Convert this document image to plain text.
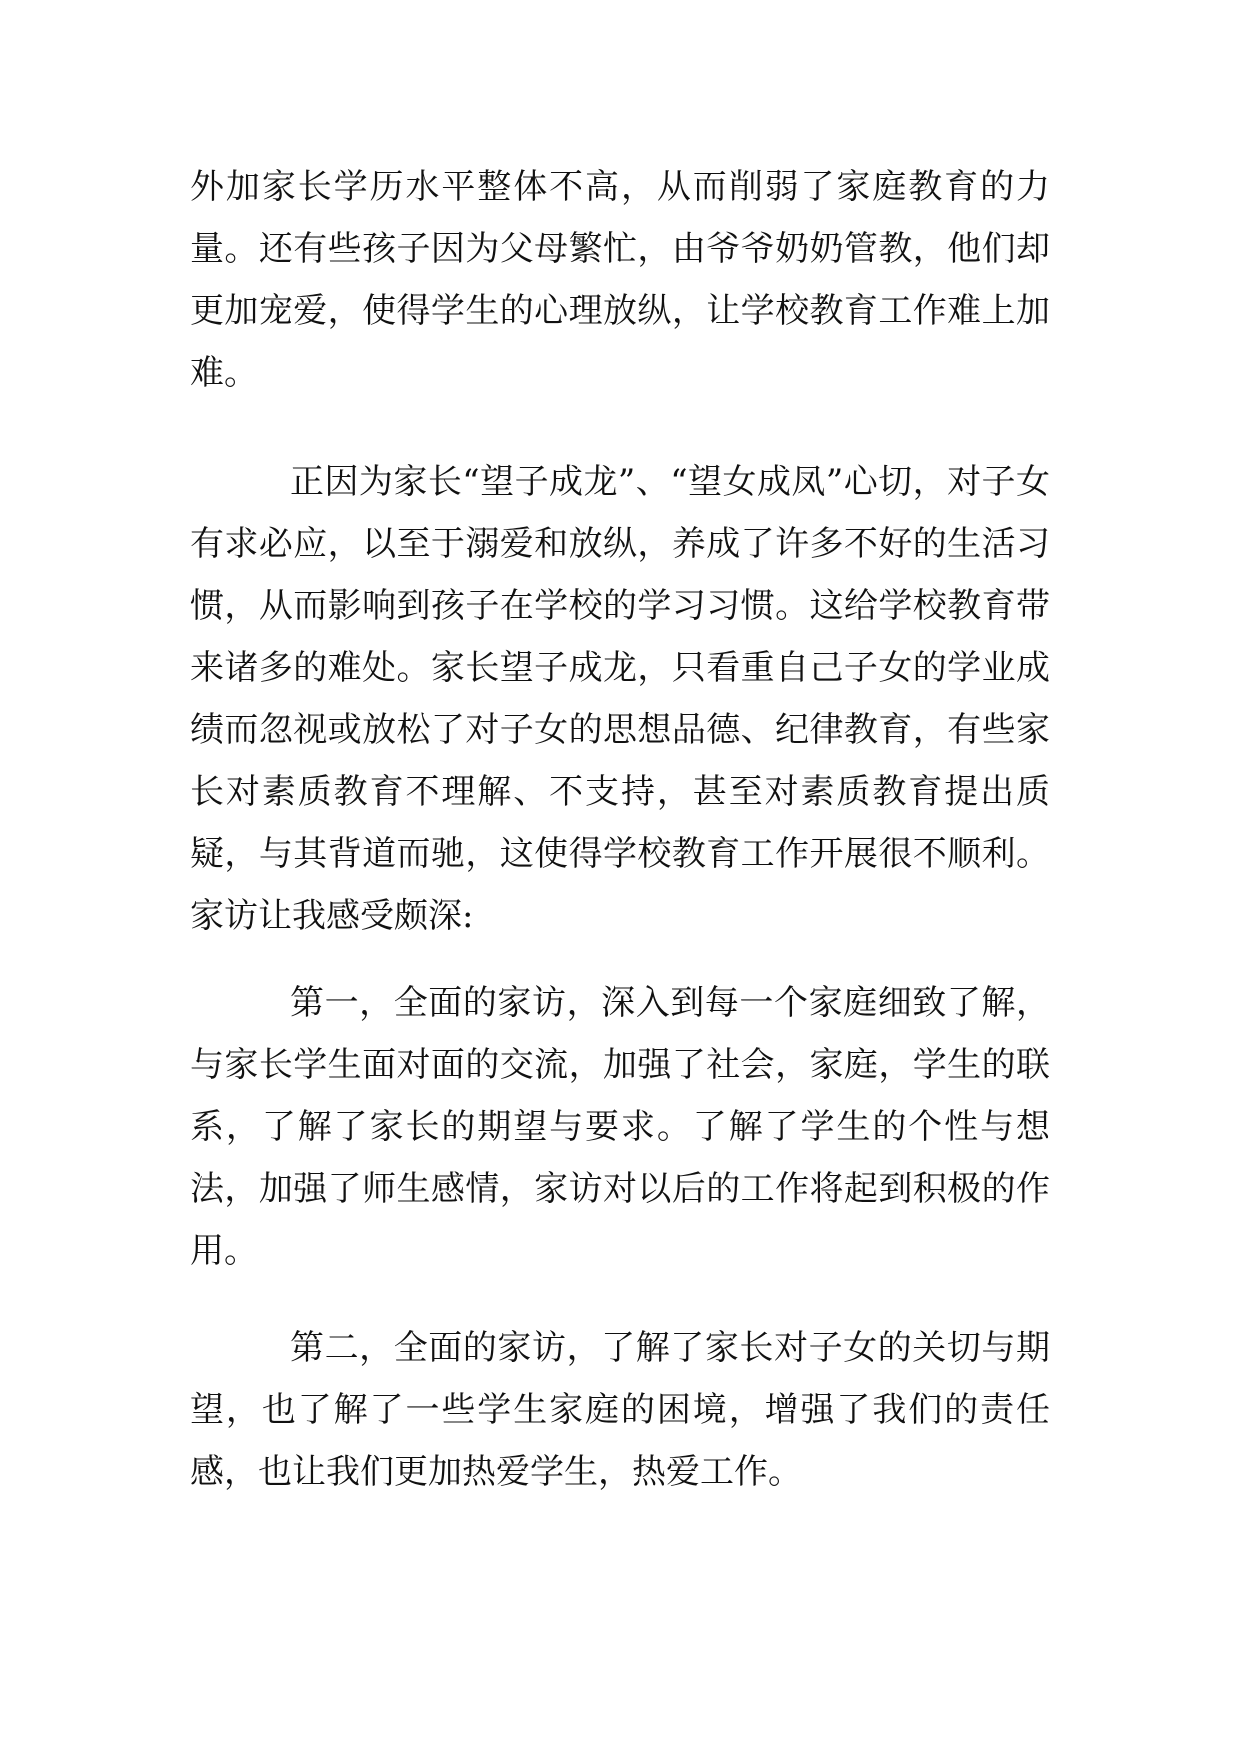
外加家长学历水平整体不高，从而削弱了家庭教育的力量。还有些孩子因为父母繁忙，由爷爷奶奶管教，他们却更加宠爱，使得学生的心理放纵，让学校教育工作难上加难。

正因为家长“望子成龙”、“望女成凤”心切，对子女有求必应，以至于溺爱和放纵，养成了许多不好的生活习惯，从而影响到孩子在学校的学习习惯。这给学校教育带来诸多的难处。家长望子成龙，只看重自己子女的学业成绩而忽视或放松了对子女的思想品德、纪律教育，有些家长对素质教育不理解、不支持，甚至对素质教育提出质疑，与其背道而驰，这使得学校教育工作开展很不顺利。家访让我感受颇深:

第一，全面的家访，深入到每一个家庭细致了解，与家长学生面对面的交流，加强了社会，家庭，学生的联系，了解了家长的期望与要求。了解了学生的个性与想法，加强了师生感情，家访对以后的工作将起到积极的作用。

第二，全面的家访，了解了家长对子女的关切与期望，也了解了一些学生家庭的困境，增强了我们的责任感，也让我们更加热爱学生，热爱工作。
